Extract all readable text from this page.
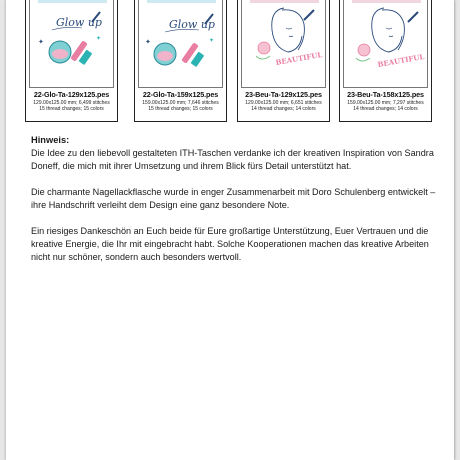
Glow up
✦	✦
22-Glo-Ta-129x125.pes
129.00x125.00 mm; 6,499 stitches
15 thread changes; 15 colors
Glow up
✦	✦
22-Glo-Ta-159x125.pes
159.00x125.00 mm; 7,646 stitches
15 thread changes; 15 colors
BEAUTIFUL
23-Beu-Ta-129x125.pes
129.00x125.00 mm; 6,651 stitches
14 thread changes; 14 colors
BEAUTIFUL
23-Beu-Ta-158x125.pes
159.00x125.00 mm; 7,297 stitches
14 thread changes; 14 colors
Hinweis:

Die Idee zu den liebevoll gestalteten ITH-Taschen verdanke ich der kreativen Inspiration von Sandra Doneff, die mich mit ihrer Umsetzung und ihrem Blick fürs Detail unterstützt hat.

Die charmante Nagellackflasche wurde in enger Zusammenarbeit mit Doro Schulenberg entwickelt – ihre Handschrift verleiht dem Design eine ganz besondere Note.

Ein riesiges Dankeschön an Euch beide für Eure großartige Unterstützung, Euer Vertrauen und die kreative Energie, die Ihr mit eingebracht habt. Solche Kooperationen machen das kreative Arbeiten nicht nur schöner, sondern auch besonders wertvoll.
